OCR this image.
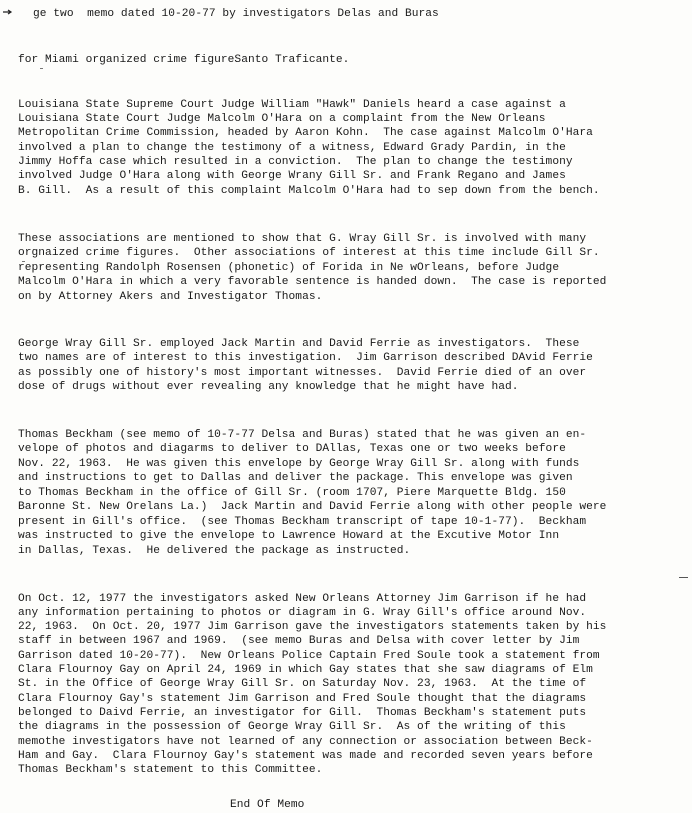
ge two  memo dated 10-20-77 by investigators Delas and Buras
for Miami organized crime figureSanto Traficante.
Louisiana State Supreme Court Judge William "Hawk" Daniels heard a case against a
Louisiana State Court Judge Malcolm O'Hara on a complaint from the New Orleans
Metropolitan Crime Commission, headed by Aaron Kohn.  The case against Malcolm O'Hara
involved a plan to change the testimony of a witness, Edward Grady Pardin, in the
Jimmy Hoffa case which resulted in a conviction.  The plan to change the testimony
involved Judge O'Hara along with George Wrany Gill Sr. and Frank Regano and James
B. Gill.  As a result of this complaint Malcolm O'Hara had to sep down from the bench.
These associations are mentioned to show that G. Wray Gill Sr. is involved with many
orgnaized crime figures.  Other associations of interest at this time include Gill Sr.
representing Randolph Rosensen (phonetic) of Forida in Ne wOrleans, before Judge
Malcolm O'Hara in which a very favorable sentence is handed down.  The case is reported
on by Attorney Akers and Investigator Thomas.
George Wray Gill Sr. employed Jack Martin and David Ferrie as investigators.  These
two names are of interest to this investigation.  Jim Garrison described DAvid Ferrie
as possibly one of history's most important witnesses.  David Ferrie died of an over
dose of drugs without ever revealing any knowledge that he might have had.
Thomas Beckham (see memo of 10-7-77 Delsa and Buras) stated that he was given an en-
velope of photos and diagarms to deliver to DAllas, Texas one or two weeks before
Nov. 22, 1963.  He was given this envelope by George Wray Gill Sr. along with funds
and instructions to get to Dallas and deliver the package. This envelope was given
to Thomas Beckham in the office of Gill Sr. (room 1707, Piere Marquette Bldg. 150
Baronne St. New Orelans La.)  Jack Martin and David Ferrie along with other people were
present in Gill's office.  (see Thomas Beckham transcript of tape 10-1-77).  Beckham
was instructed to give the envelope to Lawrence Howard at the Excutive Motor Inn
in Dallas, Texas.  He delivered the package as instructed.
On Oct. 12, 1977 the investigators asked New Orleans Attorney Jim Garrison if he had
any information pertaining to photos or diagram in G. Wray Gill's office around Nov.
22, 1963.  On Oct. 20, 1977 Jim Garrison gave the investigators statements taken by his
staff in between 1967 and 1969.  (see memo Buras and Delsa with cover letter by Jim
Garrison dated 10-20-77).  New Orleans Police Captain Fred Soule took a statement from
Clara Flournoy Gay on April 24, 1969 in which Gay states that she saw diagrams of Elm
St. in the Office of George Wray Gill Sr. on Saturday Nov. 23, 1963.  At the time of
Clara Flournoy Gay's statement Jim Garrison and Fred Soule thought that the diagrams
belonged to Daivd Ferrie, an investigator for Gill.  Thomas Beckham's statement puts
the diagrams in the possession of George Wray Gill Sr.  As of the writing of this
memothe investigators have not learned of any connection or association between Beck-
Ham and Gay.  Clara Flournoy Gay's statement was made and recorded seven years before
Thomas Beckham's statement to this Committee.
End Of Memo
